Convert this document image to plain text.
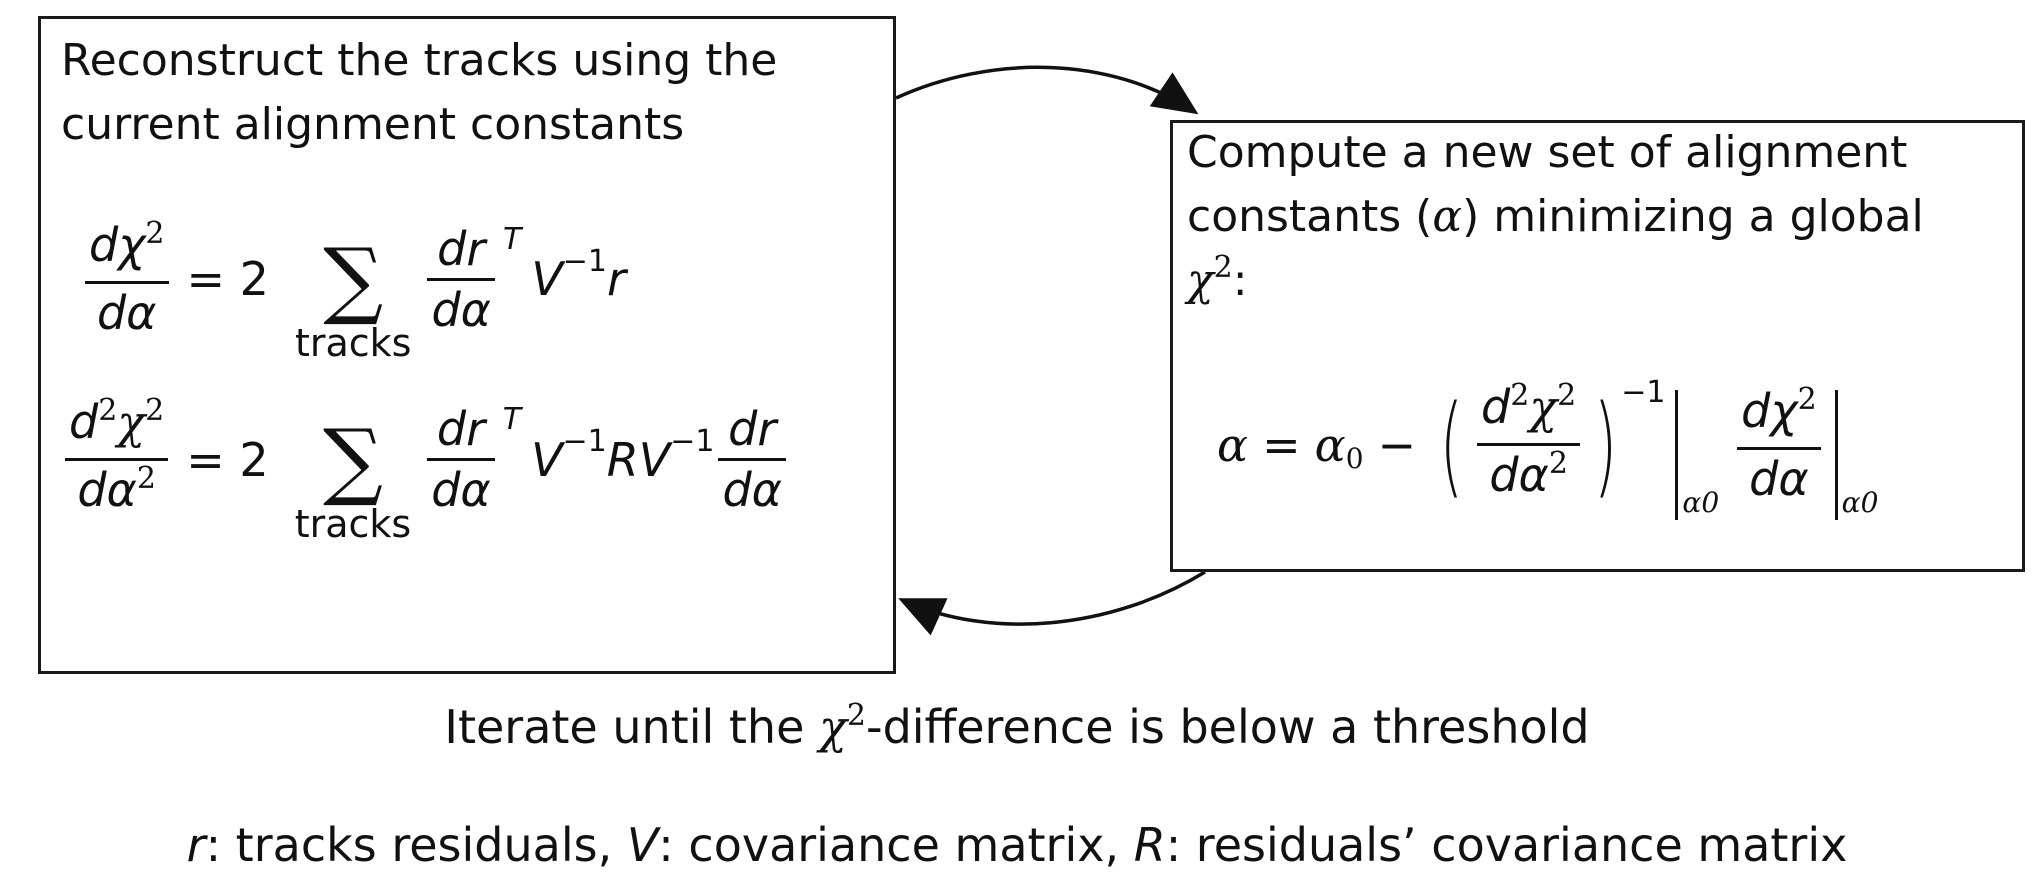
Reconstruct the tracks using the
current alignment constants
$\frac{d\chi^2}{d\alpha} = 2$ ∑
tracks
$\frac{dr}{d\alpha}$ T
V −1 r
$\frac{d^2\chi^2}{d\alpha^2} = 2$ ∑
tracks
$\frac{dr}{d\alpha}$ T
V −1 RV $-1 \frac{dr}{d\alpha}$
Compute a new set of alignment
constants (α) minimizing a global
$\chi^2$:
α = α 0 − ( $\frac{d^2\chi^2}{d\alpha^2}$ ) −1
$\alpha 0 \frac{d\chi^2}{d\alpha} \alpha 0$
Iterate until the $\chi^2$-difference is below a threshold
r: tracks residuals, V: covariance matrix, R: residuals’ covariance matrix
